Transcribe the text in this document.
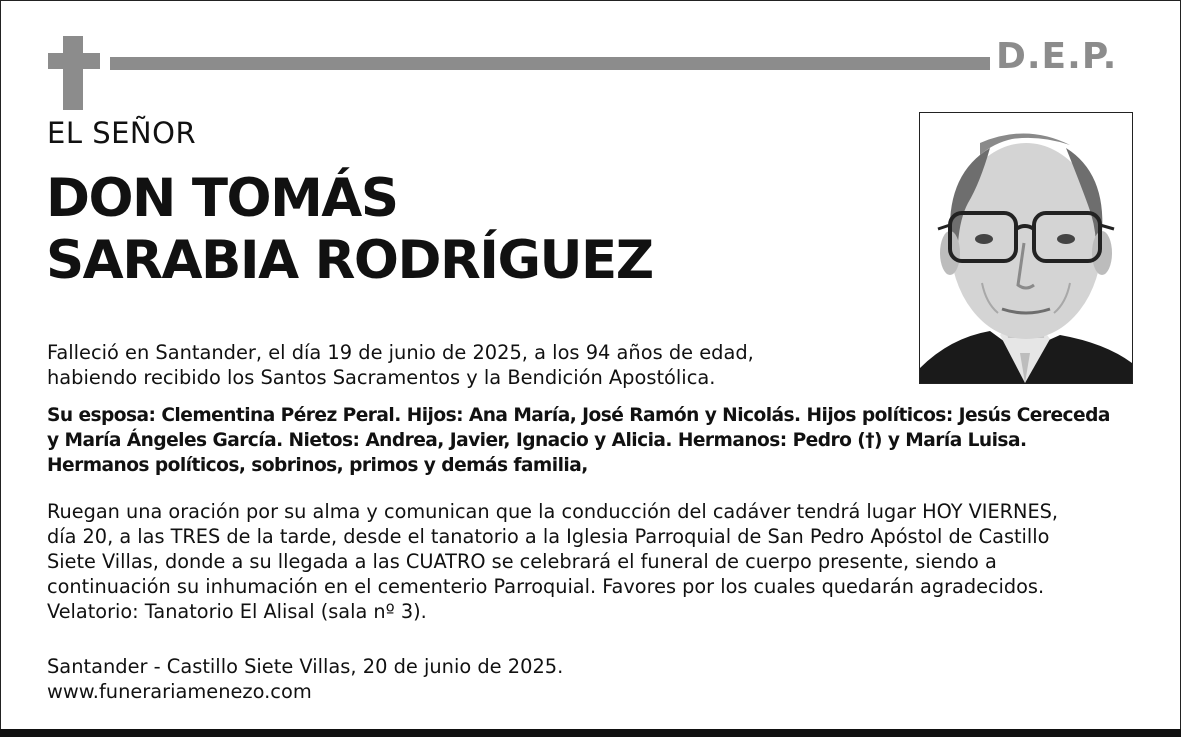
D.E.P.
EL SEÑOR
DON TOMÁS
SARABIA RODRÍGUEZ

Falleció en Santander, el día 19 de junio de 2025, a los 94 años de edad,
habiendo recibido los Santos Sacramentos y la Bendición Apostólica.

Su esposa: Clementina Pérez Peral. Hijos: Ana María, José Ramón y Nicolás. Hijos políticos: Jesús Cereceda
y María Ángeles García. Nietos: Andrea, Javier, Ignacio y Alicia. Hermanos: Pedro (†) y María Luisa.
Hermanos políticos, sobrinos, primos y demás familia,

Ruegan una oración por su alma y comunican que la conducción del cadáver tendrá lugar HOY VIERNES,
día 20, a las TRES de la tarde, desde el tanatorio a la Iglesia Parroquial de San Pedro Apóstol de Castillo
Siete Villas, donde a su llegada a las CUATRO se celebrará el funeral de cuerpo presente, siendo a
continuación su inhumación en el cementerio Parroquial. Favores por los cuales quedarán agradecidos.
Velatorio: Tanatorio El Alisal (sala nº 3).

Santander - Castillo Siete Villas, 20 de junio de 2025.
www.funerariamenezo.com
